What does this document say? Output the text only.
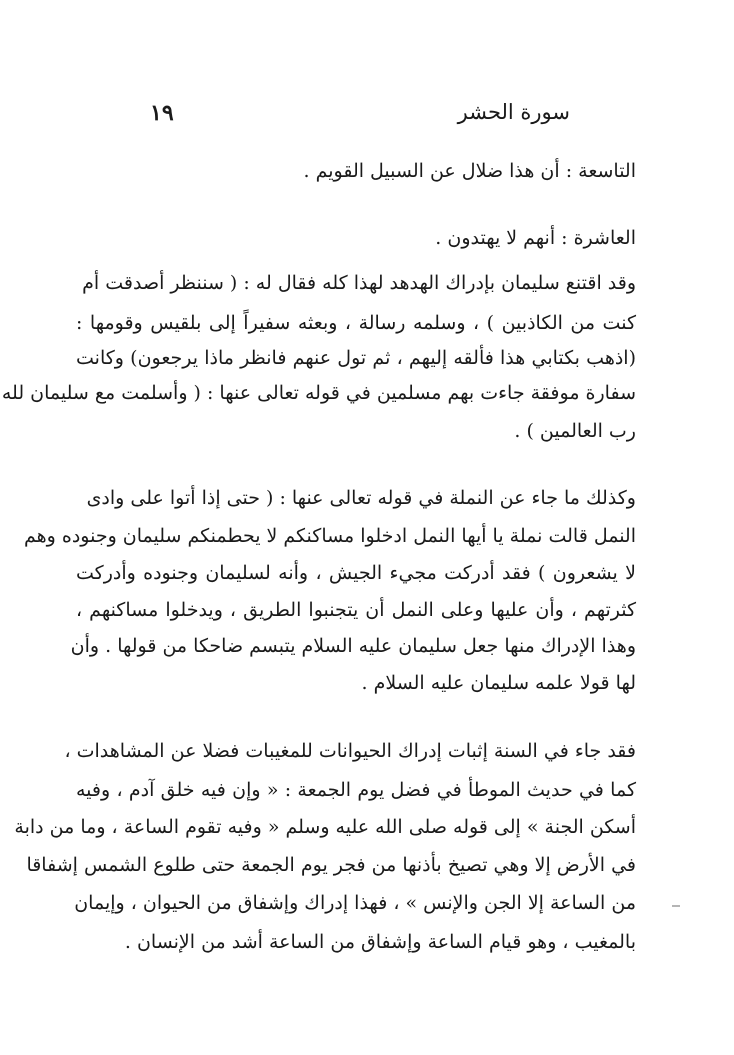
١٩	سورة الحشر
التاسعة : أن هذا ضلال عن السبيل القويم .
العاشرة : أنهم لا يهتدون .
وقد اقتنع سليمان بإدراك الهدهد لهذا كله فقال له : ( سننظر أصدقت أم
كنت من الكاذبين ) ، وسلمه رسالة ، وبعثه سفيراً إلى بلقيس وقومها :
(اذهب بكتابي هذا فألقه إليهم ، ثم تول عنهم فانظر ماذا يرجعون) وكانت
سفارة موفقة جاءت بهم مسلمين في قوله تعالى عنها : ( وأسلمت مع سليمان لله
رب العالمين ) .
وكذلك ما جاء عن النملة في قوله تعالى عنها : ( حتى إذا أتوا على وادى
النمل قالت نملة يا أيها النمل ادخلوا مساكنكم لا يحطمنكم سليمان وجنوده وهم
لا يشعرون ) فقد أدركت مجيء الجيش ، وأنه لسليمان وجنوده وأدركت
كثرتهم ، وأن عليها وعلى النمل أن يتجنبوا الطريق ، ويدخلوا مساكنهم ،
وهذا الإدراك منها جعل سليمان عليه السلام يتبسم ضاحكا من قولها . وأن
لها قولا علمه سليمان عليه السلام .
فقد جاء في السنة إثبات إدراك الحيوانات للمغيبات فضلا عن المشاهدات ،
كما في حديث الموطأ في فضل يوم الجمعة : « وإن فيه خلق آدم ، وفيه
أسكن الجنة » إلى قوله صلى الله عليه وسلم « وفيه تقوم الساعة ، وما من دابة
في الأرض إلا وهي تصيخ بأذنها من فجر يوم الجمعة حتى طلوع الشمس إشفاقا
من الساعة إلا الجن والإنس » ، فهذا إدراك وإشفاق من الحيوان ، وإيمان
بالمغيب ، وهو قيام الساعة وإشفاق من الساعة أشد من الإنسان .
